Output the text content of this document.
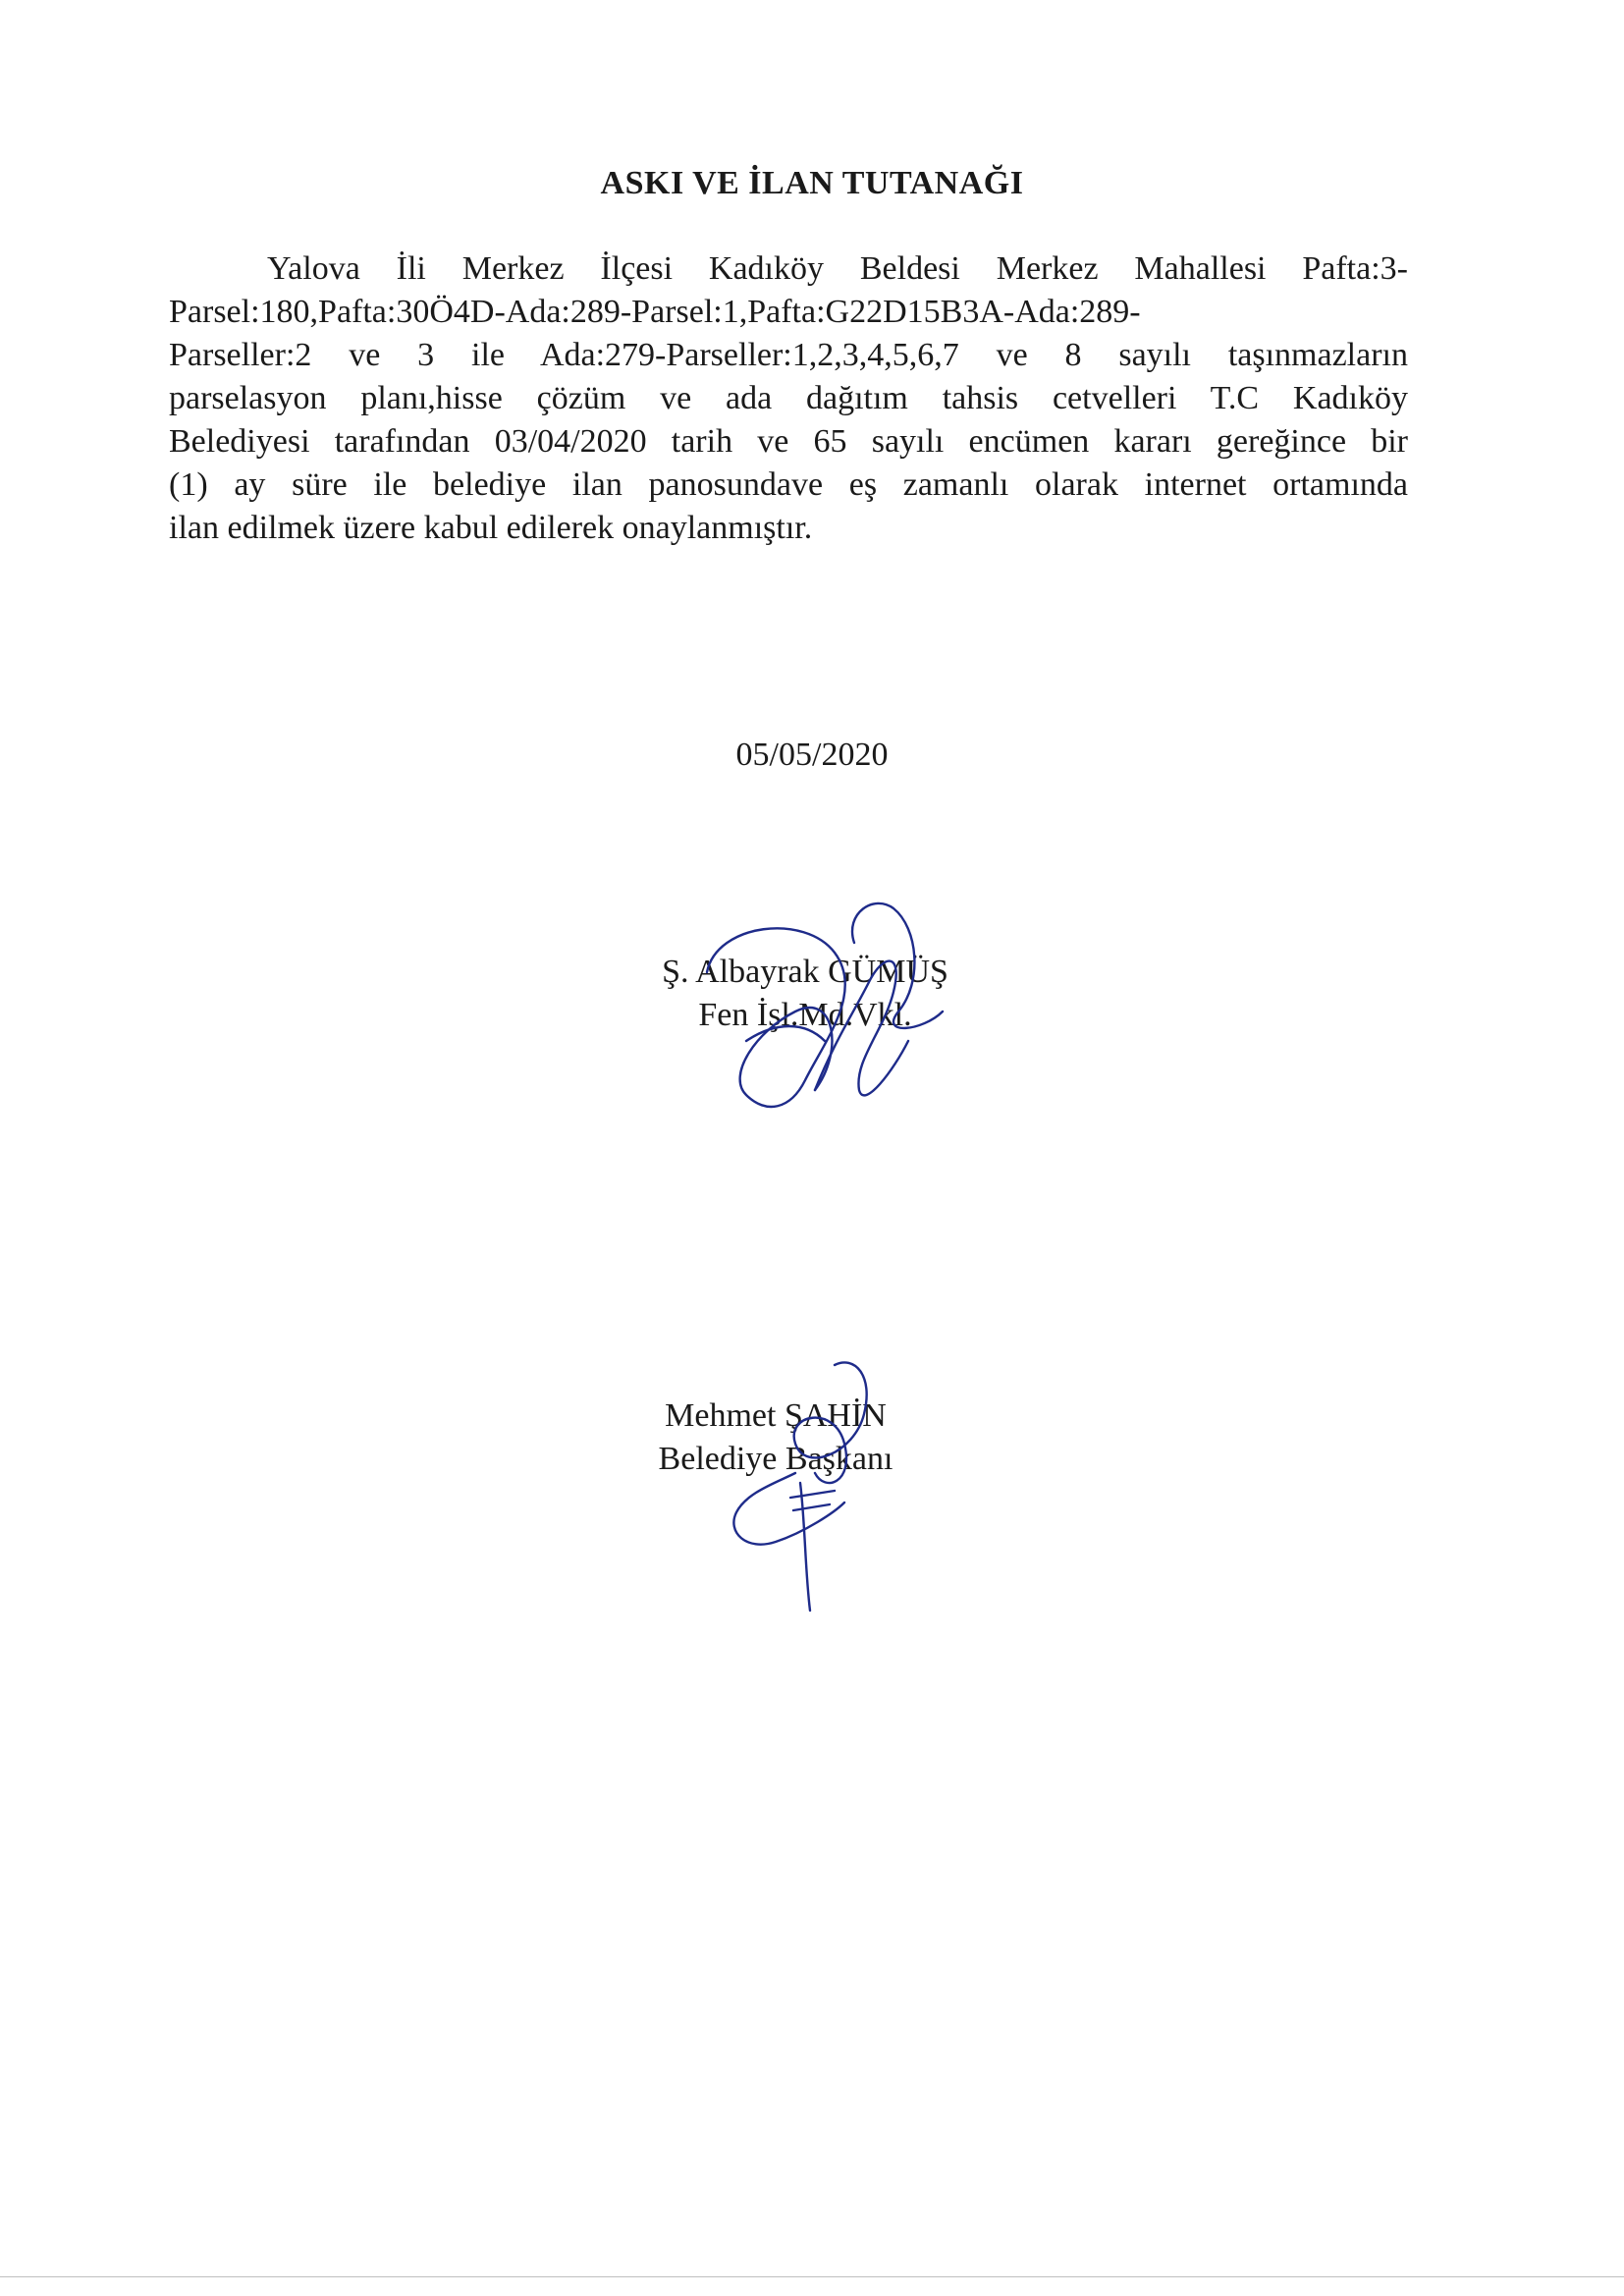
ASKI VE İLAN TUTANAĞI
Yalova İli Merkez İlçesi Kadıköy Beldesi Merkez Mahallesi Pafta:3-
Parsel:180,Pafta:30Ö4D-Ada:289-Parsel:1,Pafta:G22D15B3A-Ada:289-
Parseller:2 ve 3 ile Ada:279-Parseller:1,2,3,4,5,6,7 ve 8 sayılı taşınmazların
parselasyon planı,hisse çözüm ve ada dağıtım tahsis cetvelleri T.C Kadıköy
Belediyesi tarafından 03/04/2020 tarih ve 65 sayılı encümen kararı gereğince bir
(1) ay süre ile belediye ilan panosundave eş zamanlı olarak internet ortamında
ilan edilmek üzere kabul edilerek onaylanmıştır.
05/05/2020
Ş. Albayrak GÜMÜŞ
Fen İşl.Md.Vkl.
Mehmet ŞAHİN
Belediye Başkanı
